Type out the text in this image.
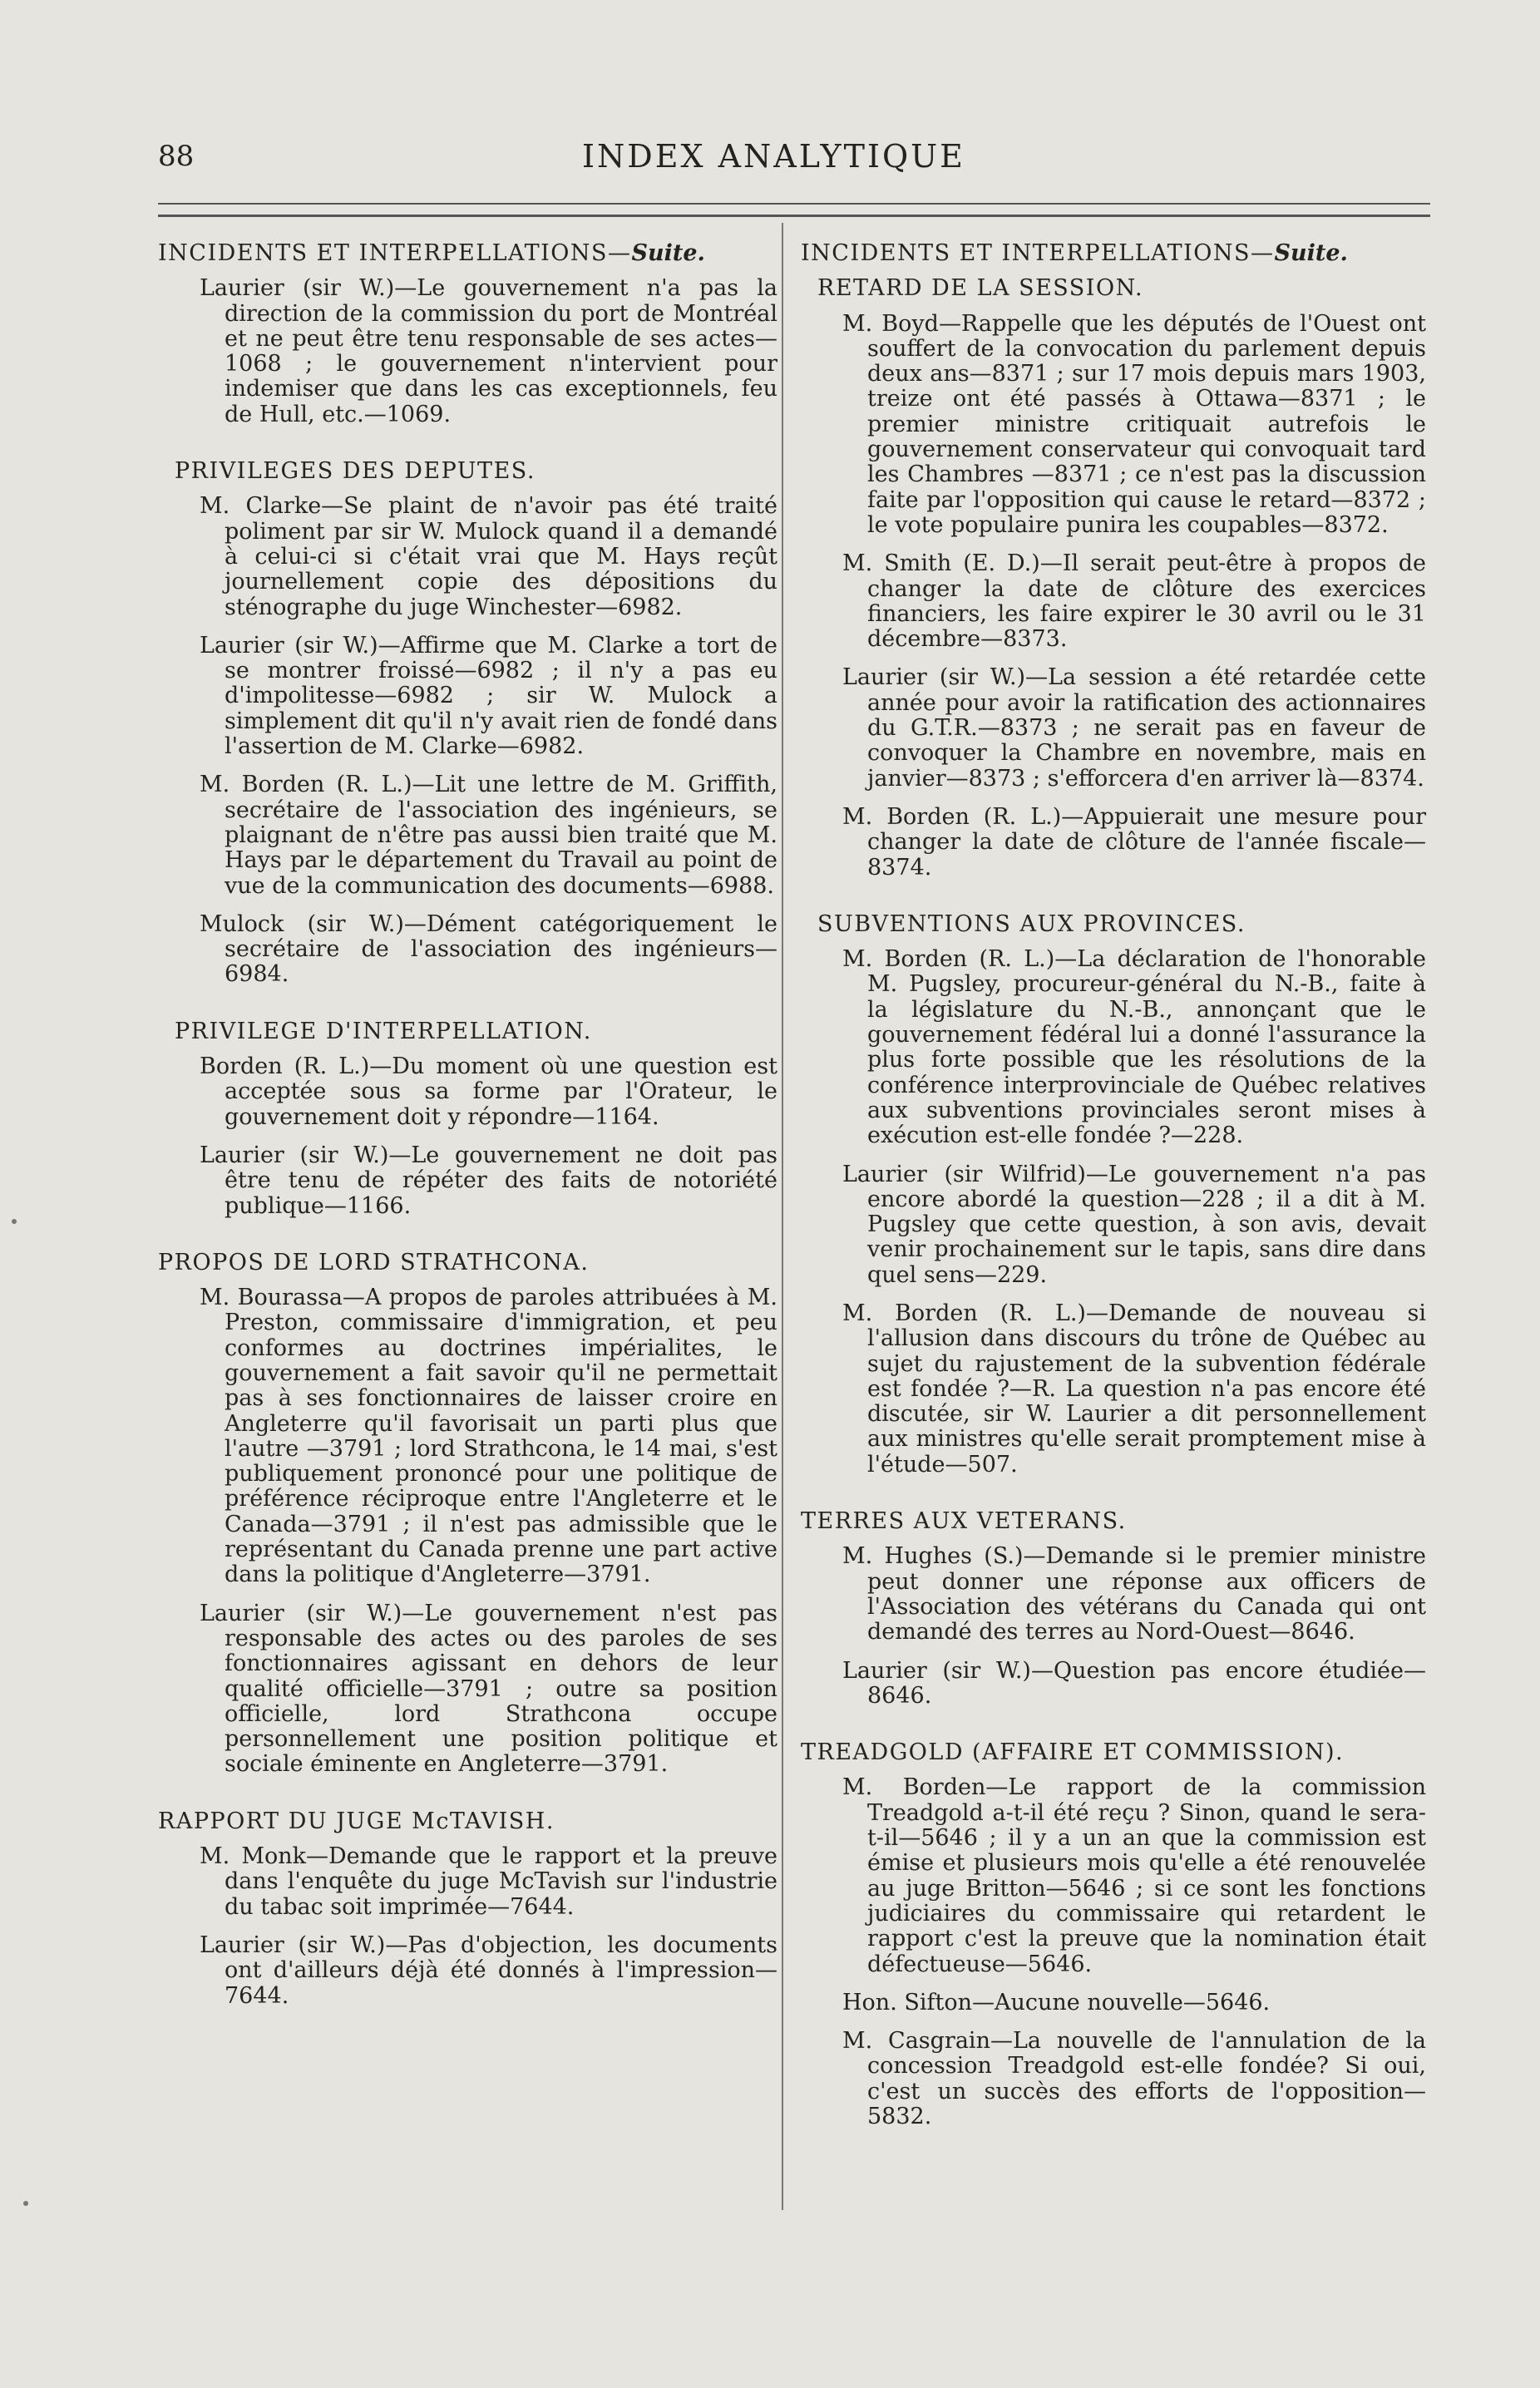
88	INDEX ANALYTIQUE

INCIDENTS ET INTERPELLATIONS—Suite.

Laurier (sir W.)—Le gouvernement n'a pas la direction de la commission du port de Montréal et ne peut être tenu responsable de ses actes—1068 ; le gouvernement n'intervient pour indemiser que dans les cas exceptionnels, feu de Hull, etc.—1069.

PRIVILEGES DES DEPUTES.

M. Clarke—Se plaint de n'avoir pas été traité poliment par sir W. Mulock quand il a demandé à celui-ci si c'était vrai que M. Hays reçût journellement copie des dépositions du sténographe du juge Winchester—6982.

Laurier (sir W.)—Affirme que M. Clarke a tort de se montrer froissé—6982 ; il n'y a pas eu d'impolitesse—6982 ; sir W. Mulock a simplement dit qu'il n'y avait rien de fondé dans l'assertion de M. Clarke—6982.

M. Borden (R. L.)—Lit une lettre de M. Griffith, secrétaire de l'association des ingénieurs, se plaignant de n'être pas aussi bien traité que M. Hays par le département du Travail au point de vue de la communication des documents—6988.

Mulock (sir W.)—Dément catégoriquement le secrétaire de l'association des ingénieurs—6984.

PRIVILEGE D'INTERPELLATION.

Borden (R. L.)—Du moment où une question est acceptée sous sa forme par l'Orateur, le gouvernement doit y répondre—1164.

Laurier (sir W.)—Le gouvernement ne doit pas être tenu de répéter des faits de notoriété publique—1166.

PROPOS DE LORD STRATHCONA.

M. Bourassa—A propos de paroles attribuées à M. Preston, commissaire d'immigration, et peu conformes au doctrines impérialites, le gouvernement a fait savoir qu'il ne permettait pas à ses fonctionnaires de laisser croire en Angleterre qu'il favorisait un parti plus que l'autre —3791 ; lord Strathcona, le 14 mai, s'est publiquement prononcé pour une politique de préférence réciproque entre l'Angleterre et le Canada—3791 ; il n'est pas admissible que le représentant du Canada prenne une part active dans la politique d'Angleterre—3791.

Laurier (sir W.)—Le gouvernement n'est pas responsable des actes ou des paroles de ses fonctionnaires agissant en dehors de leur qualité officielle—3791 ; outre sa position officielle, lord Strathcona occupe personnellement une position politique et sociale éminente en Angleterre—3791.

RAPPORT DU JUGE McTAVISH.

M. Monk—Demande que le rapport et la preuve dans l'enquête du juge McTavish sur l'industrie du tabac soit imprimée—7644.

Laurier (sir W.)—Pas d'objection, les documents ont d'ailleurs déjà été donnés à l'impression—7644.

INCIDENTS ET INTERPELLATIONS—Suite.

RETARD DE LA SESSION.

M. Boyd—Rappelle que les députés de l'Ouest ont souffert de la convocation du parlement depuis deux ans—8371 ; sur 17 mois depuis mars 1903, treize ont été passés à Ottawa—8371 ; le premier ministre critiquait autrefois le gouvernement conservateur qui convoquait tard les Chambres —8371 ; ce n'est pas la discussion faite par l'opposition qui cause le retard—8372 ; le vote populaire punira les coupables—8372.

M. Smith (E. D.)—Il serait peut-être à propos de changer la date de clôture des exercices financiers, les faire expirer le 30 avril ou le 31 décembre—8373.

Laurier (sir W.)—La session a été retardée cette année pour avoir la ratification des actionnaires du G.T.R.—8373 ; ne serait pas en faveur de convoquer la Chambre en novembre, mais en janvier—8373 ; s'efforcera d'en arriver là—8374.

M. Borden (R. L.)—Appuierait une mesure pour changer la date de clôture de l'année fiscale—8374.

SUBVENTIONS AUX PROVINCES.

M. Borden (R. L.)—La déclaration de l'honorable M. Pugsley, procureur-général du N.-B., faite à la législature du N.-B., annonçant que le gouvernement fédéral lui a donné l'assurance la plus forte possible que les résolutions de la conférence interprovinciale de Québec relatives aux subventions provinciales seront mises à exécution est-elle fondée ?—228.

Laurier (sir Wilfrid)—Le gouvernement n'a pas encore abordé la question—228 ; il a dit à M. Pugsley que cette question, à son avis, devait venir prochainement sur le tapis, sans dire dans quel sens—229.

M. Borden (R. L.)—Demande de nouveau si l'allusion dans discours du trône de Québec au sujet du rajustement de la subvention fédérale est fondée ?—R. La question n'a pas encore été discutée, sir W. Laurier a dit personnellement aux ministres qu'elle serait promptement mise à l'étude—507.

TERRES AUX VETERANS.

M. Hughes (S.)—Demande si le premier ministre peut donner une réponse aux officers de l'Association des vétérans du Canada qui ont demandé des terres au Nord-Ouest—8646.

Laurier (sir W.)—Question pas encore étudiée—8646.

TREADGOLD (AFFAIRE ET COMMISSION).

M. Borden—Le rapport de la commission Treadgold a-t-il été reçu ? Sinon, quand le sera-t-il—5646 ; il y a un an que la commission est émise et plusieurs mois qu'elle a été renouvelée au juge Britton—5646 ; si ce sont les fonctions judiciaires du commissaire qui retardent le rapport c'est la preuve que la nomination était défectueuse—5646.

Hon. Sifton—Aucune nouvelle—5646.

M. Casgrain—La nouvelle de l'annulation de la concession Treadgold est-elle fondée? Si oui, c'est un succès des efforts de l'opposition—5832.
